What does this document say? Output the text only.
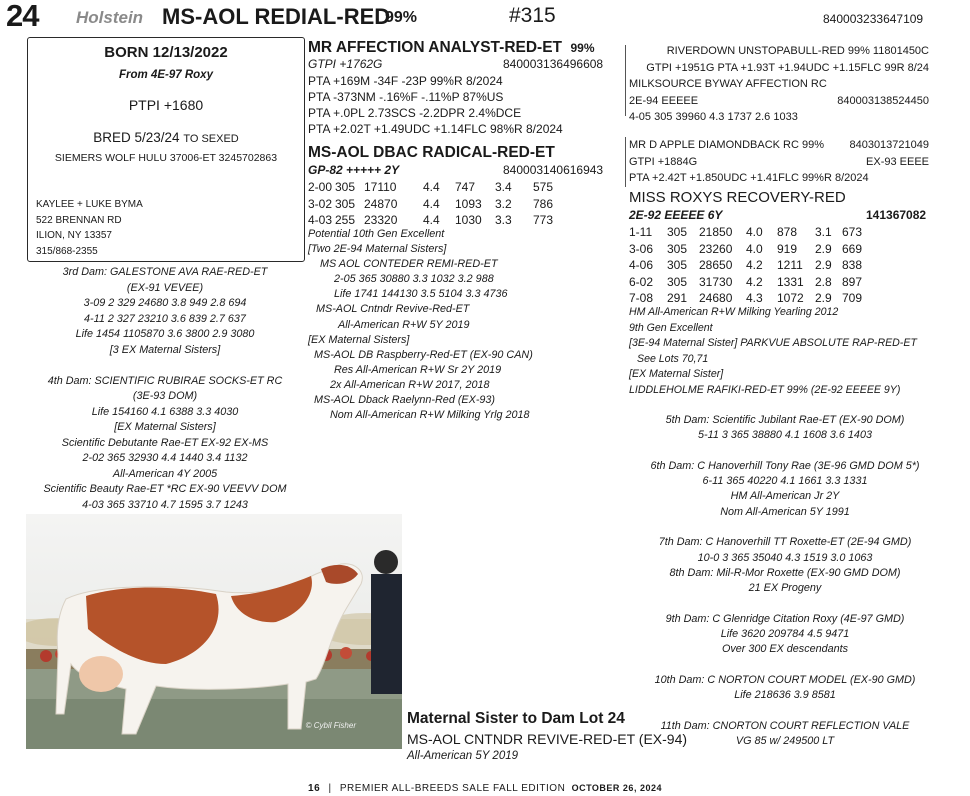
24 Holstein MS-AOL REDIAL-RED
99%	#315	840003233647109
BORN 12/13/2022
From 4E-97 Roxy
PTPI +1680
BRED 5/23/24 TO SEXED
SIEMERS WOLF HULU 37006-ET 3245702863
KAYLEE + LUKE BYMA
522 BRENNAN RD
ILION, NY 13357
315/868-2355
MR AFFECTION ANALYST-RED-ET 99%
GTPI +1762G	840003136496608
PTA +169M -34F -23P 99%R 8/2024
PTA -373NM -.16%F -.11%P 87%US
PTA +.0PL 2.73SCS -2.2DPR 2.4%DCE
PTA +2.02T +1.49UDC +1.14FLC 98%R 8/2024
MS-AOL DBAC RADICAL-RED-ET
GP-82 +++++ 2Y	840003140616943
2-00 305 17110 4.4 747 3.4 575
3-02 305 24870 4.4 1093 3.2 786
4-03 255 23320 4.4 1030 3.3 773
Potential 10th Gen Excellent
[Two 2E-94 Maternal Sisters]
MS AOL CONTEDER REMI-RED-ET
2-05 365 30880 3.3 1032 3.2 988
Life 1741 144130 3.5 5104 3.3 4736
MS-AOL Cntndr Revive-Red-ET
All-American R+W 5Y 2019
[EX Maternal Sisters]
MS-AOL DB Raspberry-Red-ET (EX-90 CAN)
Res All-American R+W Sr 2Y 2019
2x All-American R+W 2017, 2018
MS-AOL Dback Raelynn-Red (EX-93)
Nom All-American R+W Milking Yrlg 2018
RIVERDOWN UNSTOPABULL-RED 99% 11801450C
GTPI +1951G PTA +1.93T +1.94UDC +1.15FLC 99R 8/24
MILKSOURCE BYWAY AFFECTION RC
2E-94 EEEEE	840003138524450
4-05 305 39960 4.3 1737 2.6 1033
MR D APPLE DIAMONDBACK RC 99% 8403013721049
GTPI +1884G	EX-93 EEEE
PTA +2.42T +1.850UDC +1.41FLC 99%R 8/2024
MISS ROXYS RECOVERY-RED
2E-92 EEEEE 6Y	141367082
1-11 305 21850 4.0 878 3.1 673
3-06 305 23260 4.0 919 2.9 669
4-06 305 28650 4.2 1211 2.9 838
6-02 305 31730 4.2 1331 2.8 897
7-08 291 24680 4.3 1072 2.9 709
HM All-American R+W Milking Yearling 2012
9th Gen Excellent
[3E-94 Maternal Sister] PARKVUE ABSOLUTE RAP-RED-ET
See Lots 70,71
[EX Maternal Sister]
LIDDLEHOLME RAFIKI-RED-ET 99% (2E-92 EEEEE 9Y)
3rd Dam: GALESTONE AVA RAE-RED-ET
(EX-91 VEVEE)
3-09 2 329 24680 3.8 949 2.8 694
4-11 2 327 23210 3.6 839 2.7 637
Life 1454 1105870 3.6 3800 2.9 3080
[3 EX Maternal Sisters]
4th Dam: SCIENTIFIC RUBIRAE SOCKS-ET RC
(3E-93 DOM)
Life 154160 4.1 6388 3.3 4030
[EX Maternal Sisters]
Scientific Debutante Rae-ET EX-92 EX-MS
2-02 365 32930 4.4 1440 3.4 1132
All-American 4Y 2005
Scientific Beauty Rae-ET *RC EX-90 VEEVV DOM
4-03 365 33710 4.7 1595 3.7 1243
5th Dam: Scientific Jubilant Rae-ET (EX-90 DOM)
5-11 3 365 38880 4.1 1608 3.6 1403
6th Dam: C Hanoverhill Tony Rae (3E-96 GMD DOM 5*)
6-11 365 40220 4.1 1661 3.3 1331
HM All-American Jr 2Y
Nom All-American 5Y 1991
7th Dam: C Hanoverhill TT Roxette-ET (2E-94 GMD)
10-0 3 365 35040 4.3 1519 3.0 1063
8th Dam: Mil-R-Mor Roxette (EX-90 GMD DOM)
21 EX Progeny
9th Dam: C Glenridge Citation Roxy (4E-97 GMD)
Life 3620 209784 4.5 9471
Over 300 EX descendants
10th Dam: C NORTON COURT MODEL (EX-90 GMD)
Life 218636 3.9 8581
11th Dam: CNORTON COURT REFLECTION VALE
VG 85 w/ 249500 LT
© Cybil Fisher	Maternal Sister to Dam Lot 24
MS-AOL CNTNDR REVIVE-RED-ET (EX-94)
All-American 5Y 2019
16 | PREMIER ALL-BREEDS SALE FALL EDITION OCTOBER 26, 2024
